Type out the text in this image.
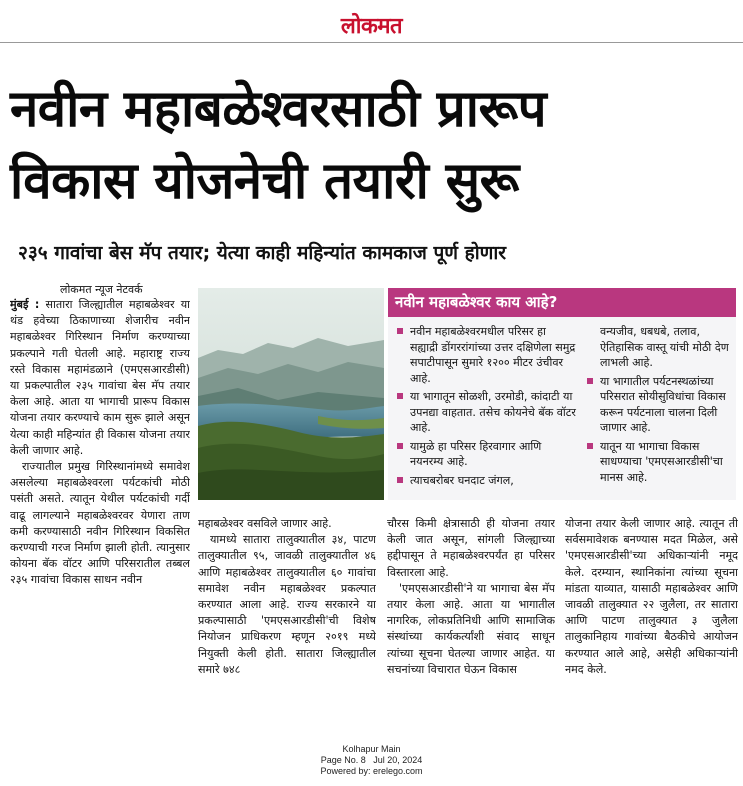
लोकमत
नवीन महाबळेश्वरसाठी प्रारूप
विकास योजनेची तयारी सुरू
२३५ गावांचा बेस मॅप तयार; येत्या काही महिन्यांत कामकाज पूर्ण होणार
लोकमत न्यूज नेटवर्क

मुंबई : सातारा जिल्ह्यातील महाबळेश्वर या थंड हवेच्या ठिकाणाच्या शेजारीच नवीन महाबळेश्वर गिरिस्थान निर्माण करण्याच्या प्रकल्पाने गती घेतली आहे. महाराष्ट्र राज्य रस्ते विकास महामंडळाने (एमएसआरडीसी) या प्रकल्पातील २३५ गावांचा बेस मॅप तयार केला आहे. आता या भागाची प्रारूप विकास योजना तयार करण्याचे काम सुरू झाले असून येत्या काही महिन्यांत ही विकास योजना तयार केली जाणार आहे.

राज्यातील प्रमुख गिरिस्थानांमध्ये समावेश असलेल्या महाबळेश्वरला पर्यटकांची मोठी पसंती असते. त्यातून येथील पर्यटकांची गर्दी वाढू लागल्याने महाबळेश्वरवर येणारा ताण कमी करण्यासाठी नवीन गिरिस्थान विकसित करण्याची गरज निर्माण झाली होती. त्यानुसार कोयना बॅक वॉटर आणि परिसरातील तब्बल २३५ गावांचा विकास साधन नवीन

नवीन महाबळेश्वर काय आहे?
नवीन महाबळेश्वरमधील परिसर हा सह्याद्री डोंगररांगांच्या उत्तर दक्षिणेला समुद्र सपाटीपासून सुमारे १२०० मीटर उंचीवर आहे.
या भागातून सोळशी, उरमोडी, कांदाटी या उपनद्या वाहतात. तसेच कोयनेचे बॅक वॉटर आहे.
यामुळे हा परिसर हिरवागार आणि नयनरम्य आहे.
त्याचबरोबर घनदाट जंगल,
वन्यजीव, धबधबे, तलाव, ऐतिहासिक वास्तू यांची मोठी देण लाभली आहे.
या भागातील पर्यटनस्थळांच्या परिसरात सोयीसुविधांचा विकास करून पर्यटनाला चालना दिली जाणार आहे.
यातून या भागाचा विकास साधण्याचा 'एमएसआरडीसी'चा मानस आहे.

महाबळेश्वर वसविले जाणार आहे.

यामध्ये सातारा तालुक्यातील ३४, पाटण तालुक्यातील ९५, जावळी तालुक्यातील ४६ आणि महाबळेश्वर तालुक्यातील ६० गावांचा समावेश नवीन महाबळेश्वर प्रकल्पात करण्यात आला आहे. राज्य सरकारने या प्रकल्पासाठी 'एमएसआरडीसी'ची विशेष नियोजन प्राधिकरण म्हणून २०१९ मध्ये नियुक्ती केली होती. सातारा जिल्ह्यातील समारे ७४८

चौरस किमी क्षेत्रासाठी ही योजना तयार केली जात असून, सांगली जिल्ह्याच्या हद्दीपासून ते महाबळेश्वरपर्यंत हा परिसर विस्तारला आहे.

'एमएसआरडीसी'ने या भागाचा बेस मॅप तयार केला आहे. आता या भागातील नागरिक, लोकप्रतिनिधी आणि सामाजिक संस्थांच्या कार्यकर्त्यांशी संवाद साधून त्यांच्या सूचना घेतल्या जाणार आहेत. या सचनांच्या विचारात घेऊन विकास

योजना तयार केली जाणार आहे. त्यातून ती सर्वसमावेशक बनण्यास मदत मिळेल, असे 'एमएसआरडीसी'च्या अधिकाऱ्यांनी नमूद केले. दरम्यान, स्थानिकांना त्यांच्या सूचना मांडता याव्यात, यासाठी महाबळेश्वर आणि जावळी तालुक्यात २२ जुलैला, तर सातारा आणि पाटण तालुक्यात ३ जुलैला तालुकानिहाय गावांच्या बैठकीचे आयोजन करण्यात आले आहे, असेही अधिकाऱ्यांनी नमद केले.

Kolhapur Main
Page No. 8   Jul 20, 2024
Powered by: erelego.com
